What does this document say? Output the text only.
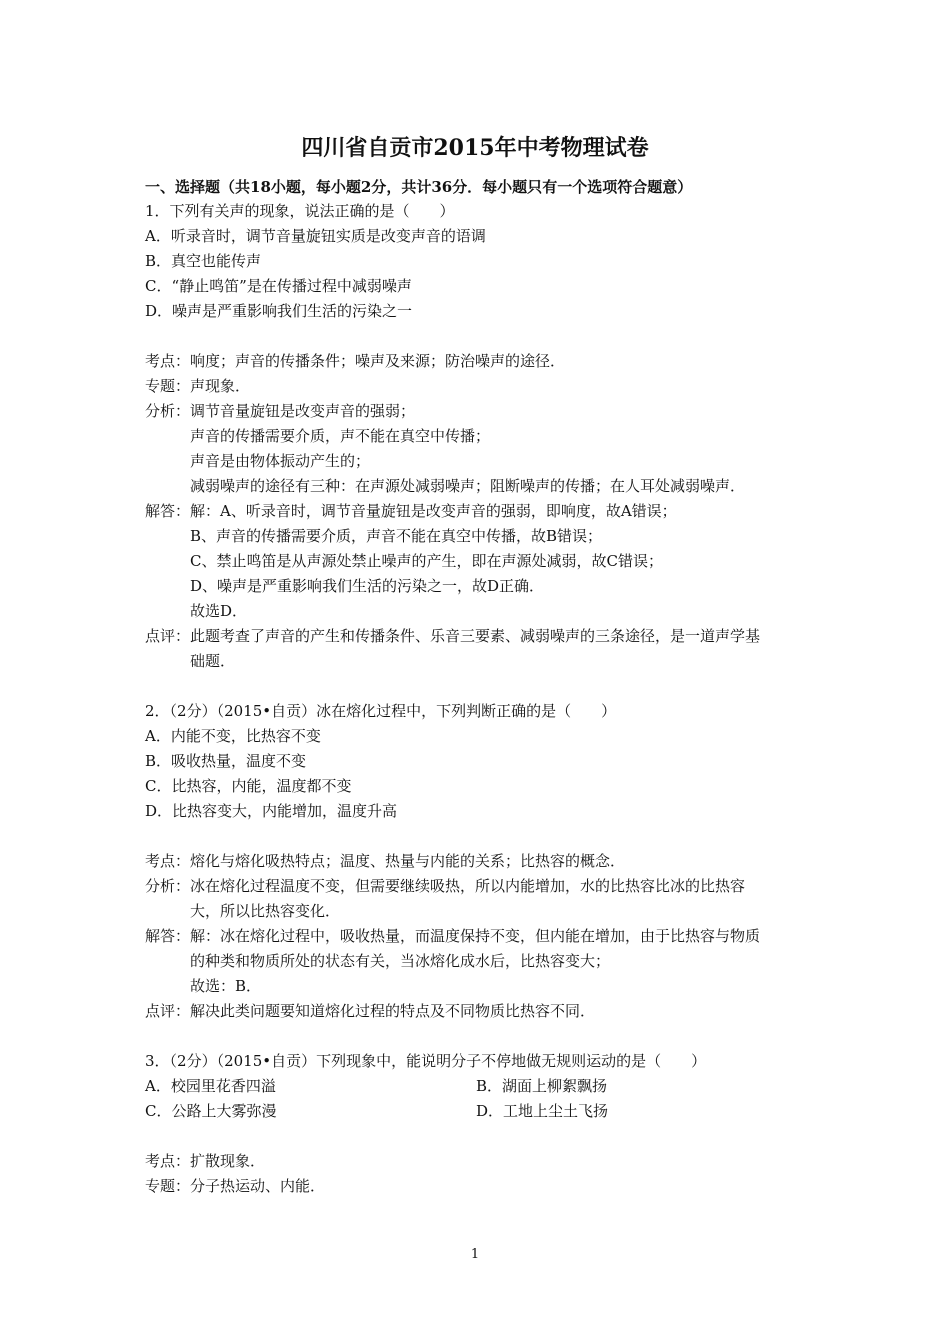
四川省自贡市2015年中考物理试卷
一、选择题（共18小题，每小题2分，共计36分．每小题只有一个选项符合题意）
1．下列有关声的现象，说法正确的是（　　）
A．听录音时，调节音量旋钮实质是改变声音的语调
B．真空也能传声
C．“静止鸣笛”是在传播过程中减弱噪声
D．噪声是严重影响我们生活的污染之一
考点：响度；声音的传播条件；噪声及来源；防治噪声的途径．
专题：声现象．
分析：调节音量旋钮是改变声音的强弱；
声音的传播需要介质，声不能在真空中传播；
声音是由物体振动产生的；
减弱噪声的途径有三种：在声源处减弱噪声；阻断噪声的传播；在人耳处减弱噪声．
解答：解：A、听录音时，调节音量旋钮是改变声音的强弱，即响度，故A错误；
B、声音的传播需要介质，声音不能在真空中传播，故B错误；
C、禁止鸣笛是从声源处禁止噪声的产生，即在声源处减弱，故C错误；
D、噪声是严重影响我们生活的污染之一，故D正确．
故选D．
点评：此题考查了声音的产生和传播条件、乐音三要素、减弱噪声的三条途径，是一道声学基
础题．
2．（2分）（2015•自贡）冰在熔化过程中，下列判断正确的是（　　）
A．内能不变，比热容不变
B．吸收热量，温度不变
C．比热容，内能，温度都不变
D．比热容变大，内能增加，温度升高
考点：熔化与熔化吸热特点；温度、热量与内能的关系；比热容的概念．
分析：冰在熔化过程温度不变，但需要继续吸热，所以内能增加，水的比热容比冰的比热容
大，所以比热容变化．
解答：解：冰在熔化过程中，吸收热量，而温度保持不变，但内能在增加，由于比热容与物质
的种类和物质所处的状态有关，当冰熔化成水后，比热容变大；
故选：B．
点评：解决此类问题要知道熔化过程的特点及不同物质比热容不同．
3．（2分）（2015•自贡）下列现象中，能说明分子不停地做无规则运动的是（　　）
A．校园里花香四溢	B．湖面上柳絮飘扬
C．公路上大雾弥漫	D．工地上尘土飞扬
考点：扩散现象．
专题：分子热运动、内能．
1
